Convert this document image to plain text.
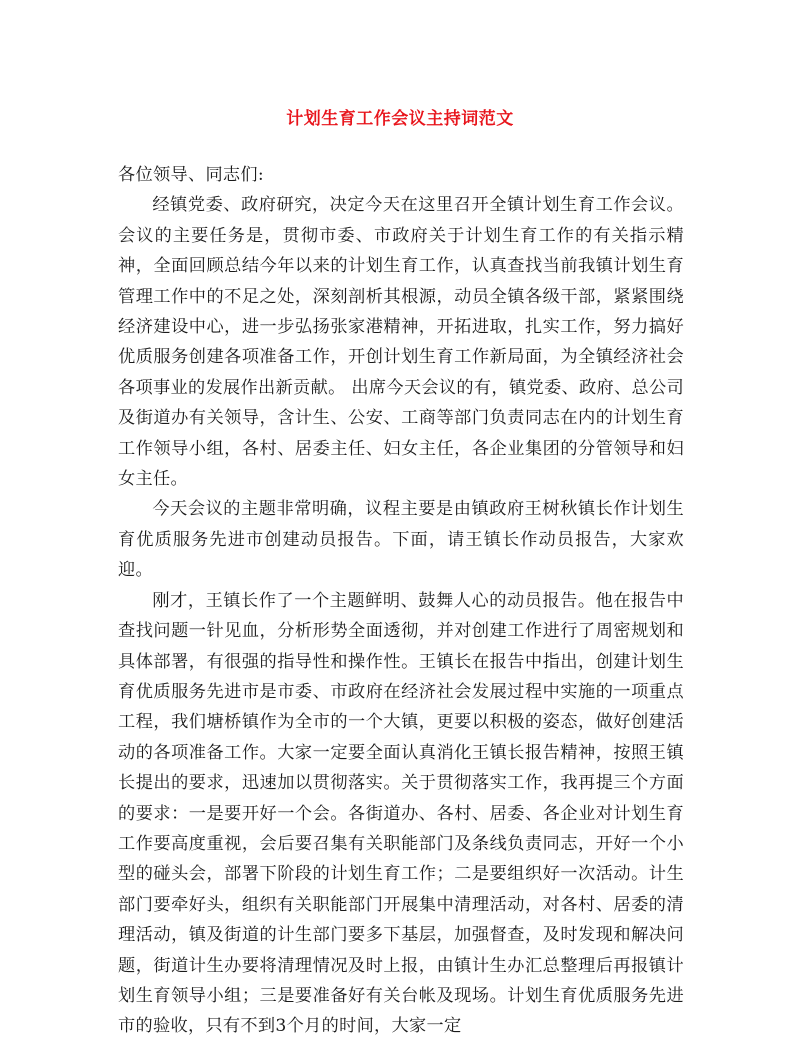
计划生育工作会议主持词范文

各位领导、同志们:

经镇党委、政府研究，决定今天在这里召开全镇计划生育工作会议。会议的主要任务是，贯彻市委、市政府关于计划生育工作的有关指示精神，全面回顾总结今年以来的计划生育工作，认真查找当前我镇计划生育管理工作中的不足之处，深刻剖析其根源，动员全镇各级干部，紧紧围绕经济建设中心，进一步弘扬张家港精神，开拓进取，扎实工作，努力搞好优质服务创建各项准备工作，开创计划生育工作新局面，为全镇经济社会各项事业的发展作出新贡献。 出席今天会议的有，镇党委、政府、总公司及街道办有关领导，含计生、公安、工商等部门负责同志在内的计划生育工作领导小组，各村、居委主任、妇女主任，各企业集团的分管领导和妇女主任。

今天会议的主题非常明确，议程主要是由镇政府王树秋镇长作计划生育优质服务先进市创建动员报告。下面，请王镇长作动员报告，大家欢迎。

刚才，王镇长作了一个主题鲜明、鼓舞人心的动员报告。他在报告中查找问题一针见血，分析形势全面透彻，并对创建工作进行了周密规划和具体部署，有很强的指导性和操作性。王镇长在报告中指出，创建计划生育优质服务先进市是市委、市政府在经济社会发展过程中实施的一项重点工程，我们塘桥镇作为全市的一个大镇，更要以积极的姿态，做好创建活动的各项准备工作。大家一定要全面认真消化王镇长报告精神，按照王镇长提出的要求，迅速加以贯彻落实。关于贯彻落实工作，我再提三个方面的要求：一是要开好一个会。各街道办、各村、居委、各企业对计划生育工作要高度重视，会后要召集有关职能部门及条线负责同志，开好一个小型的碰头会，部署下阶段的计划生育工作；二是要组织好一次活动。计生部门要牵好头，组织有关职能部门开展集中清理活动，对各村、居委的清理活动，镇及街道的计生部门要多下基层，加强督查，及时发现和解决问题，街道计生办要将清理情况及时上报，由镇计生办汇总整理后再报镇计划生育领导小组；三是要准备好有关台帐及现场。计划生育优质服务先进市的验收，只有不到3个月的时间，大家一定
